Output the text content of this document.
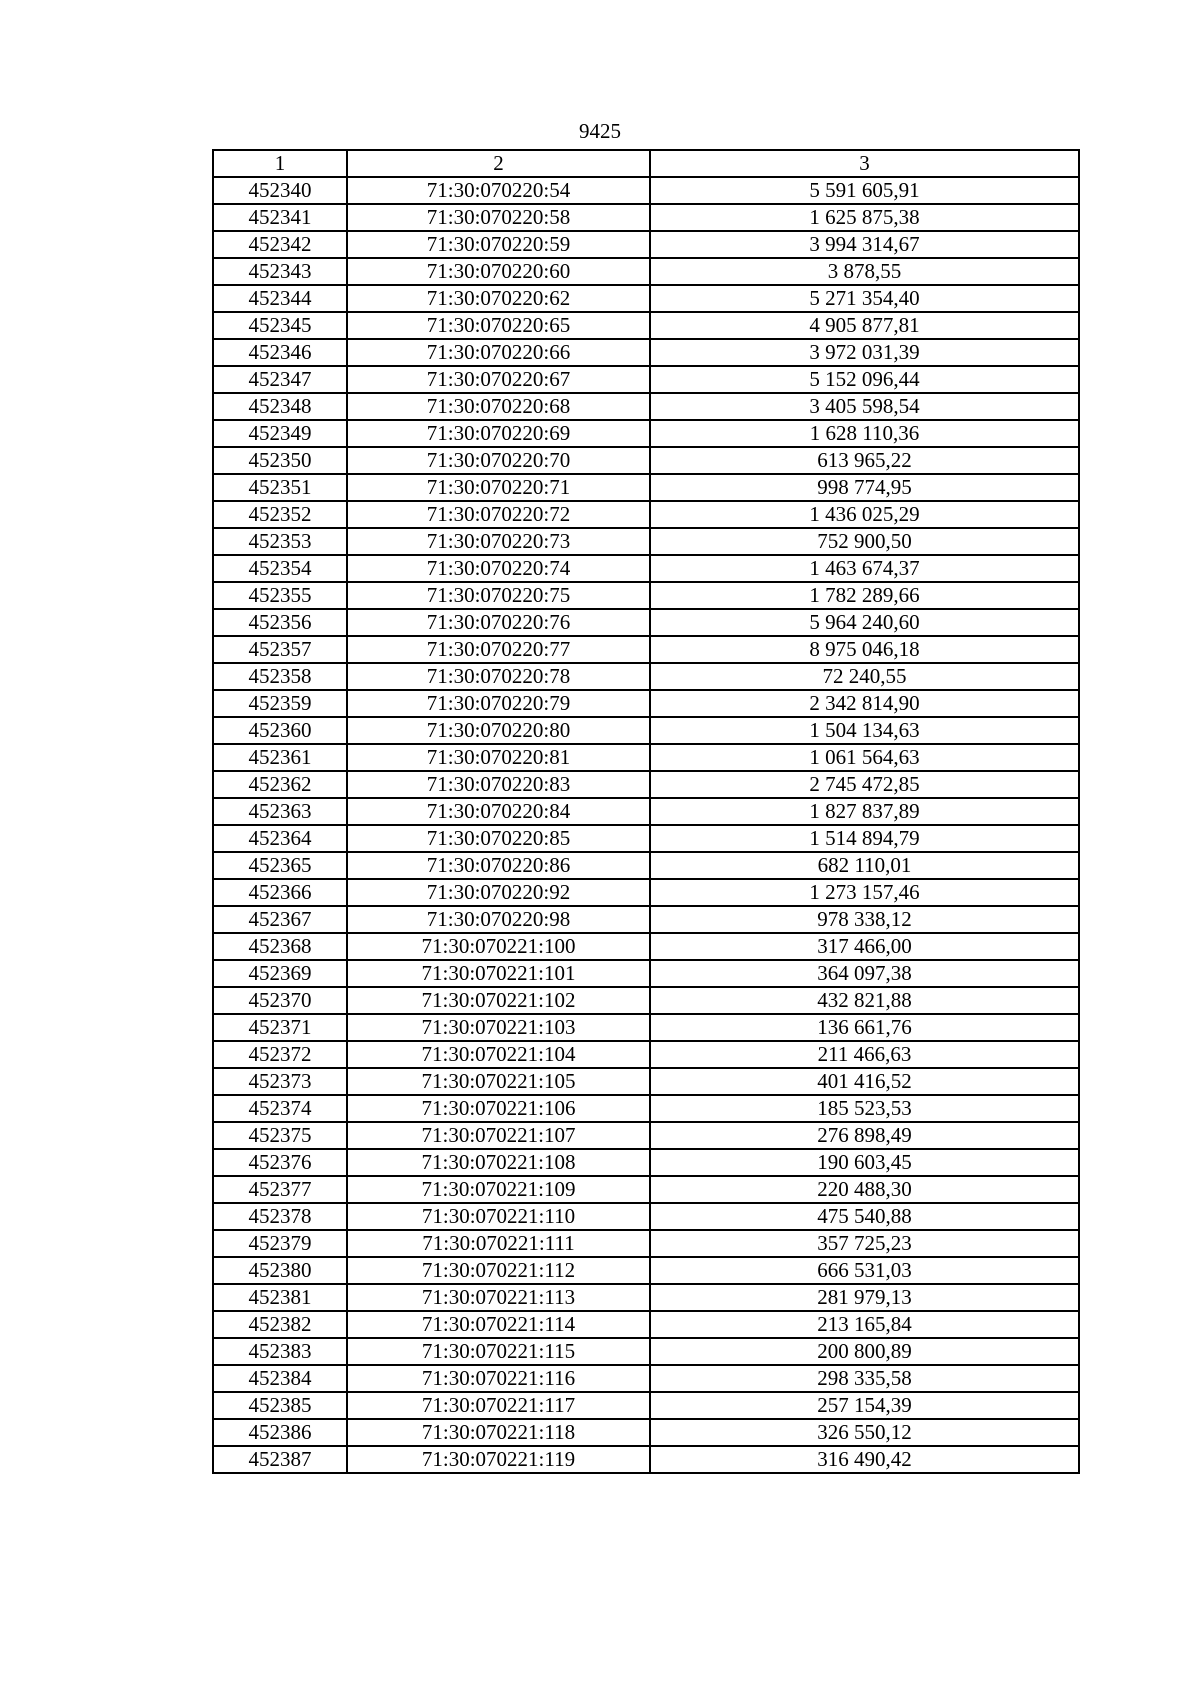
9425
1	2	3
452340	71:30:070220:54	5 591 605,91
452341	71:30:070220:58	1 625 875,38
452342	71:30:070220:59	3 994 314,67
452343	71:30:070220:60	3 878,55
452344	71:30:070220:62	5 271 354,40
452345	71:30:070220:65	4 905 877,81
452346	71:30:070220:66	3 972 031,39
452347	71:30:070220:67	5 152 096,44
452348	71:30:070220:68	3 405 598,54
452349	71:30:070220:69	1 628 110,36
452350	71:30:070220:70	613 965,22
452351	71:30:070220:71	998 774,95
452352	71:30:070220:72	1 436 025,29
452353	71:30:070220:73	752 900,50
452354	71:30:070220:74	1 463 674,37
452355	71:30:070220:75	1 782 289,66
452356	71:30:070220:76	5 964 240,60
452357	71:30:070220:77	8 975 046,18
452358	71:30:070220:78	72 240,55
452359	71:30:070220:79	2 342 814,90
452360	71:30:070220:80	1 504 134,63
452361	71:30:070220:81	1 061 564,63
452362	71:30:070220:83	2 745 472,85
452363	71:30:070220:84	1 827 837,89
452364	71:30:070220:85	1 514 894,79
452365	71:30:070220:86	682 110,01
452366	71:30:070220:92	1 273 157,46
452367	71:30:070220:98	978 338,12
452368	71:30:070221:100	317 466,00
452369	71:30:070221:101	364 097,38
452370	71:30:070221:102	432 821,88
452371	71:30:070221:103	136 661,76
452372	71:30:070221:104	211 466,63
452373	71:30:070221:105	401 416,52
452374	71:30:070221:106	185 523,53
452375	71:30:070221:107	276 898,49
452376	71:30:070221:108	190 603,45
452377	71:30:070221:109	220 488,30
452378	71:30:070221:110	475 540,88
452379	71:30:070221:111	357 725,23
452380	71:30:070221:112	666 531,03
452381	71:30:070221:113	281 979,13
452382	71:30:070221:114	213 165,84
452383	71:30:070221:115	200 800,89
452384	71:30:070221:116	298 335,58
452385	71:30:070221:117	257 154,39
452386	71:30:070221:118	326 550,12
452387	71:30:070221:119	316 490,42
